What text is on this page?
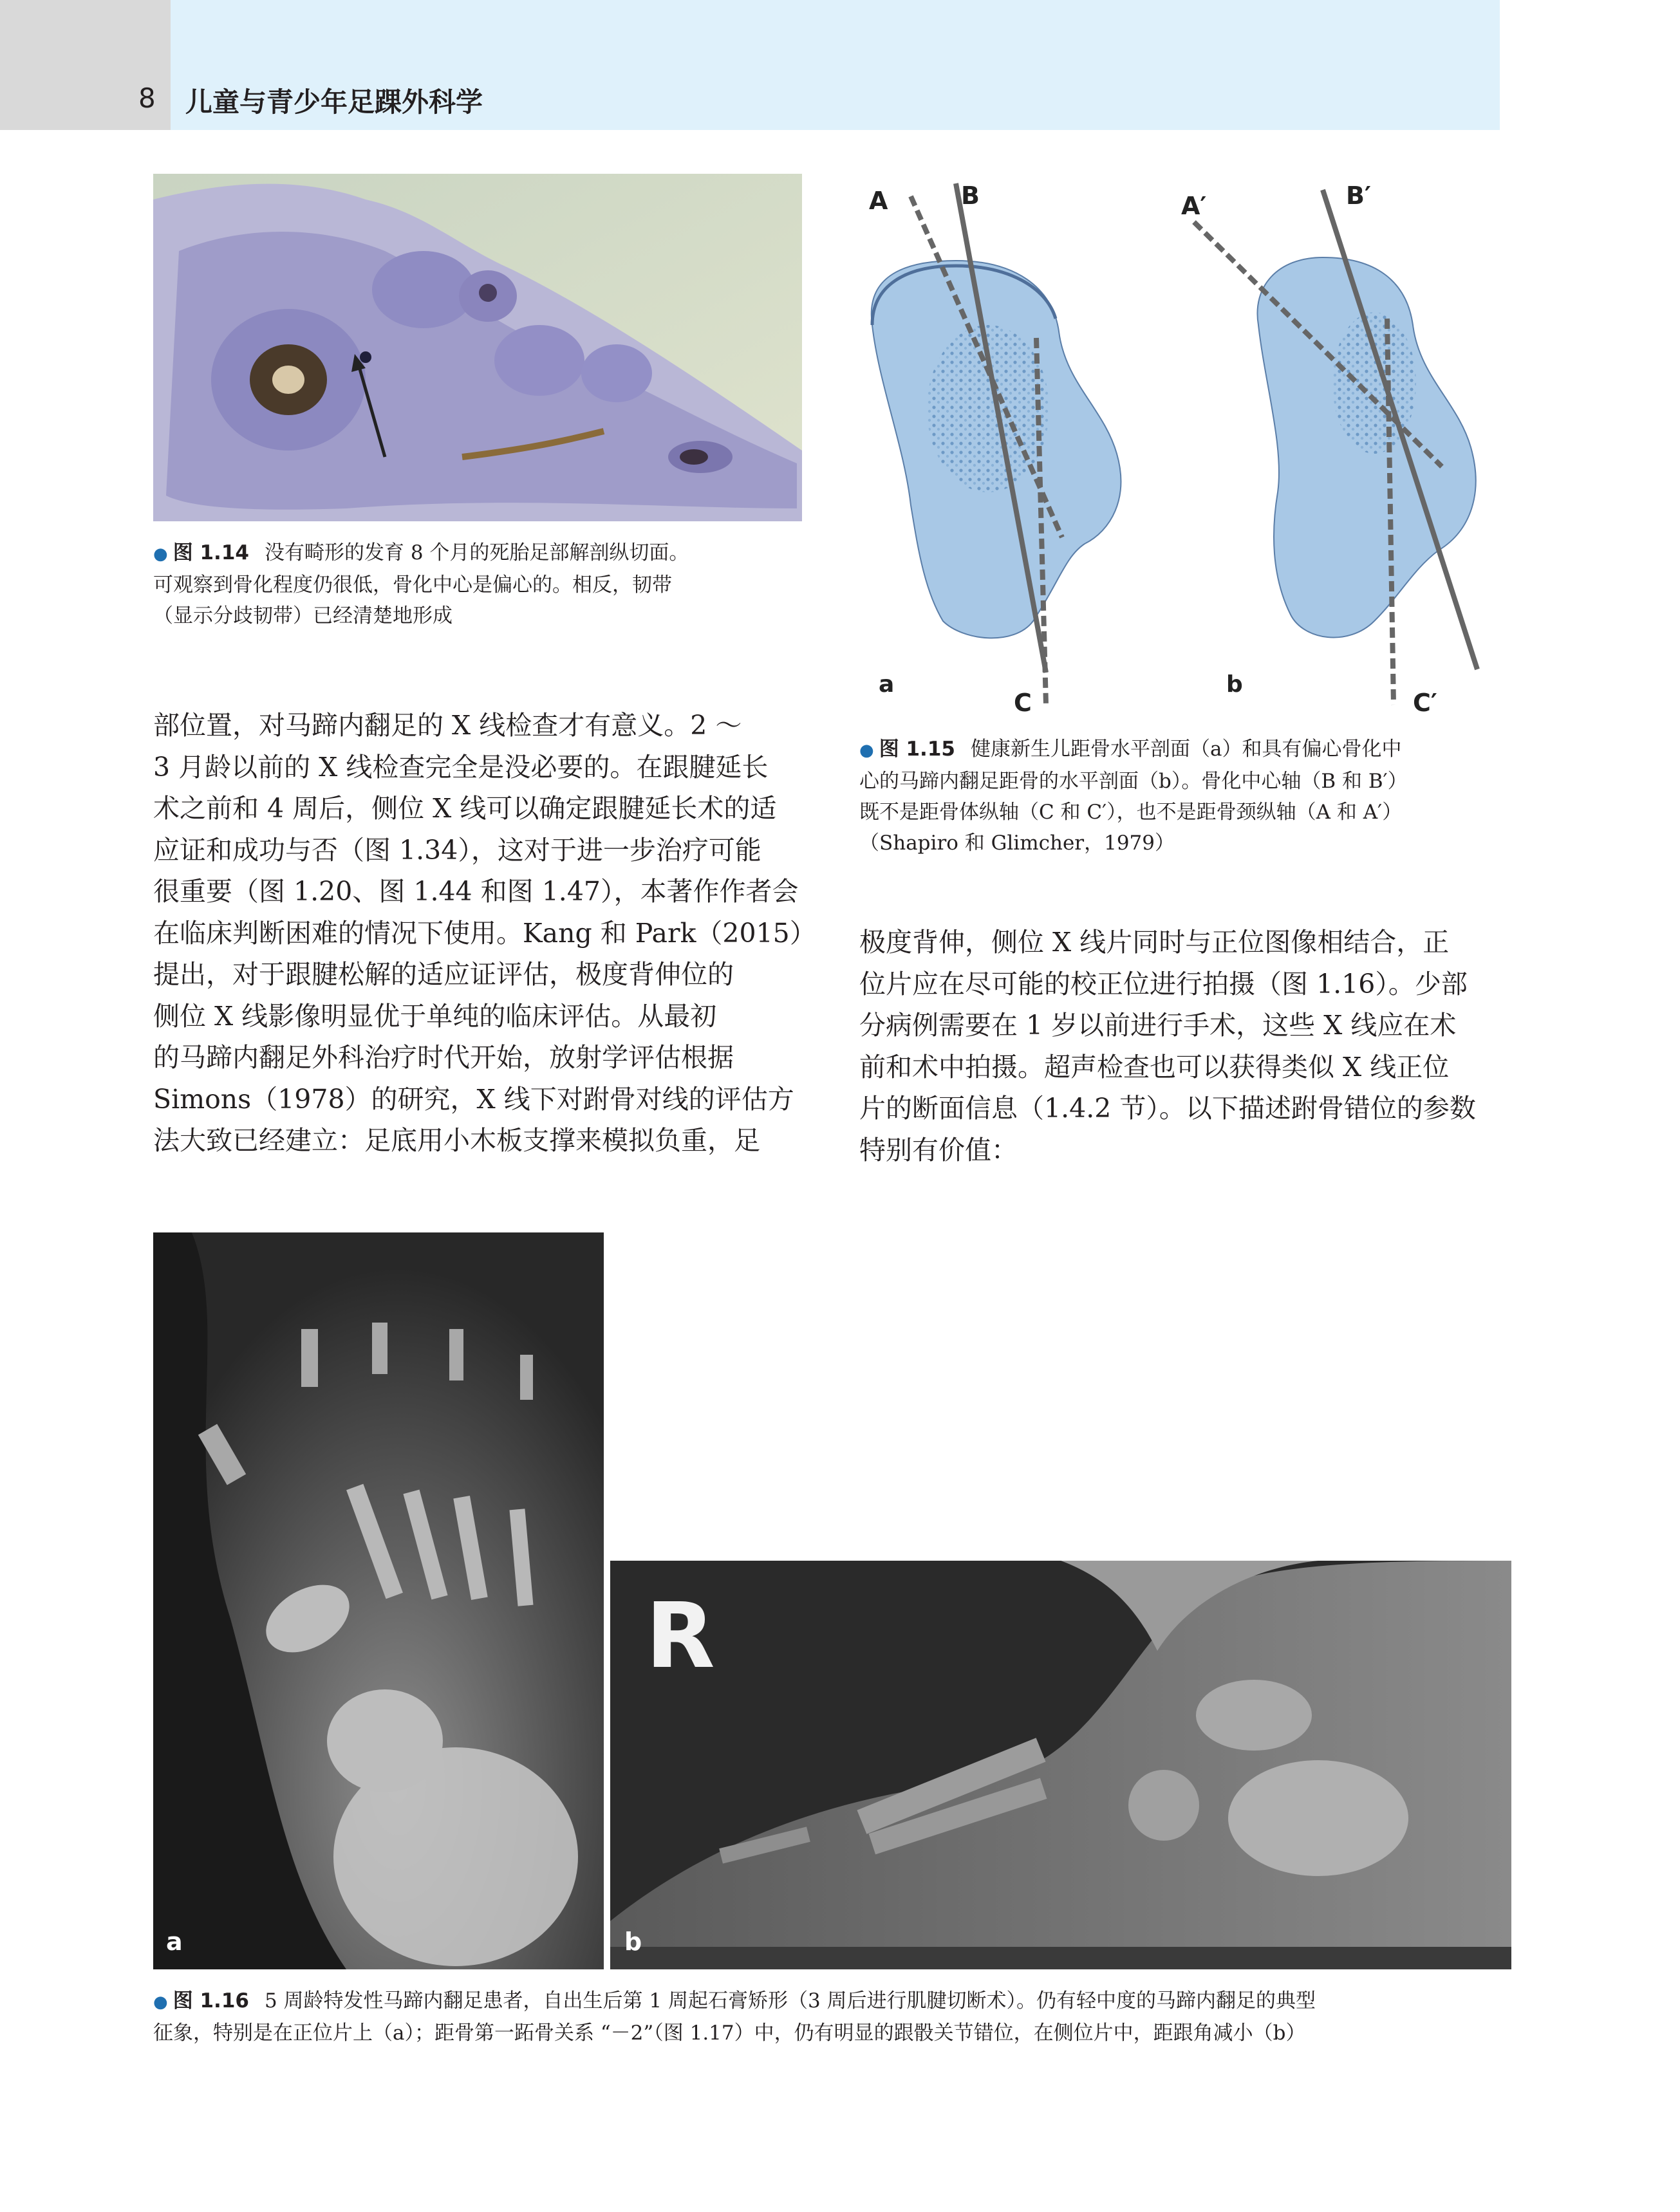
8 儿童与青少年足踝外科学
● 图 1.14 没有畸形的发育 8 个月的死胎足部解剖纵切面。
可观察到骨化程度仍很低，骨化中心是偏心的。相反，韧带
（显示分歧韧带）已经清楚地形成

部位置，对马蹄内翻足的 X 线检查才有意义。2 ～

3 月龄以前的 X 线检查完全是没必要的。在跟腱延长

术之前和 4 周后，侧位 X 线可以确定跟腱延长术的适

应证和成功与否（图 1.34），这对于进一步治疗可能

很重要（图 1.20、图 1.44 和图 1.47），本著作作者会

在临床判断困难的情况下使用。Kang 和 Park（2015）

提出，对于跟腱松解的适应证评估，极度背伸位的

侧位 X 线影像明显优于单纯的临床评估。从最初

的马蹄内翻足外科治疗时代开始，放射学评估根据

Simons（1978）的研究，X 线下对跗骨对线的评估方

法大致已经建立：足底用小木板支撑来模拟负重，足

A	B
C
a
A′	B′
C′
b
● 图 1.15 健康新生儿距骨水平剖面（a）和具有偏心骨化中
心的马蹄内翻足距骨的水平剖面（b）。骨化中心轴（B 和 B′）
既不是距骨体纵轴（C 和 C′），也不是距骨颈纵轴（A 和 A′）
（Shapiro 和 Glimcher，1979）

极度背伸，侧位 X 线片同时与正位图像相结合，正

位片应在尽可能的校正位进行拍摄（图 1.16）。少部

分病例需要在 1 岁以前进行手术，这些 X 线应在术

前和术中拍摄。超声检查也可以获得类似 X 线正位

片的断面信息（1.4.2 节）。以下描述跗骨错位的参数

特别有价值：

a
R
b
● 图 1.16 5 周龄特发性马蹄内翻足患者，自出生后第 1 周起石膏矫形（3 周后进行肌腱切断术）。仍有轻中度的马蹄内翻足的典型
征象，特别是在正位片上（a）；距骨第一跖骨关系 “－2”（图 1.17）中，仍有明显的跟骰关节错位，在侧位片中，距跟角减小（b）
